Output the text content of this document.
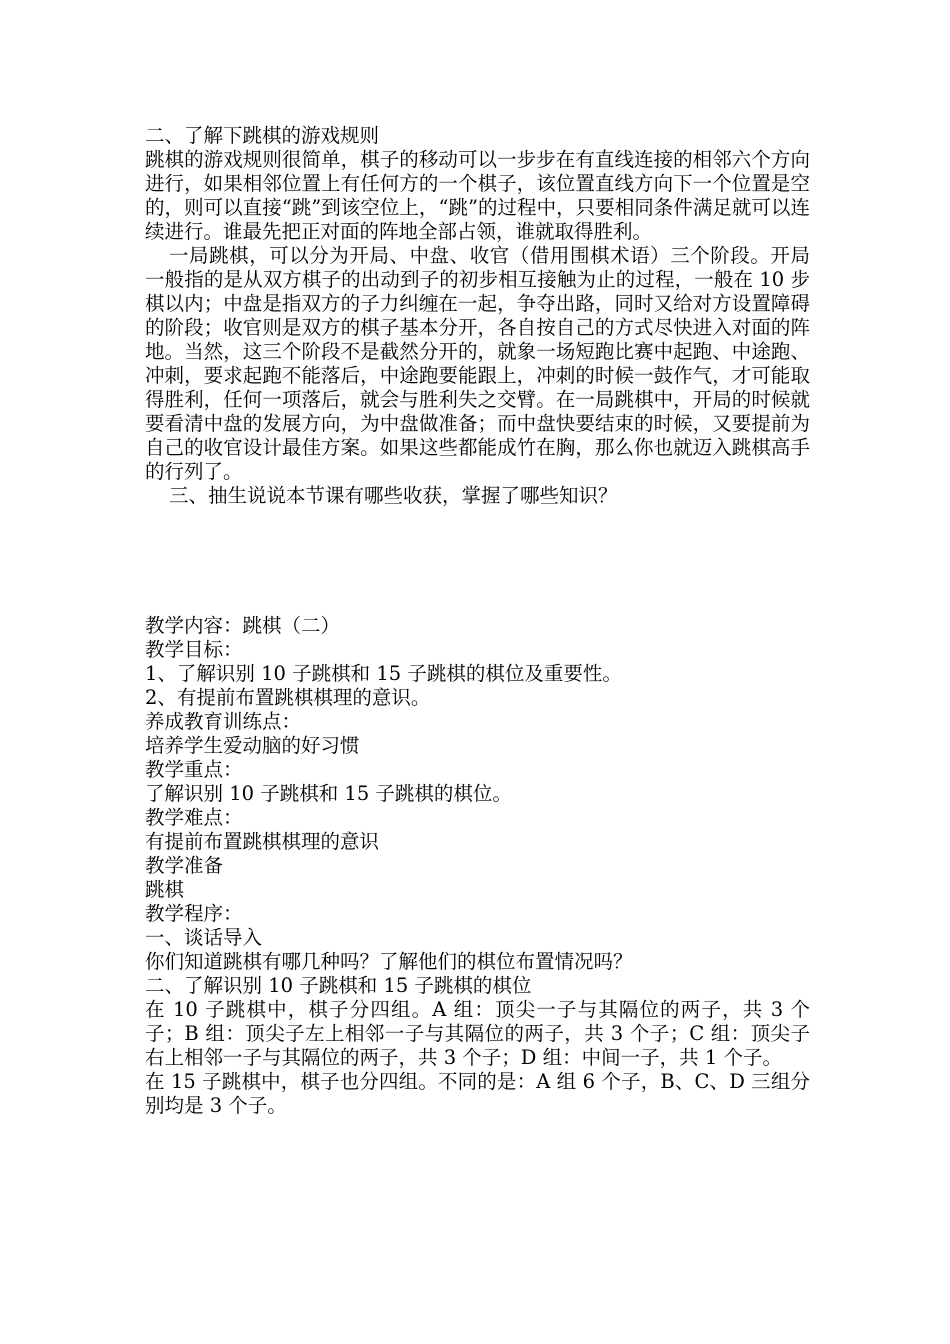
二、了解下跳棋的游戏规则

跳棋的游戏规则很简单，棋子的移动可以一步步在有直线连接的相邻六个方向进行，如果相邻位置上有任何方的一个棋子，该位置直线方向下一个位置是空的，则可以直接“跳”到该空位上，“跳”的过程中，只要相同条件满足就可以连续进行。谁最先把正对面的阵地全部占领，谁就取得胜利。

一局跳棋，可以分为开局、中盘、收官（借用围棋术语）三个阶段。开局一般指的是从双方棋子的出动到子的初步相互接触为止的过程，一般在 10 步棋以内；中盘是指双方的子力纠缠在一起，争夺出路，同时又给对方设置障碍的阶段；收官则是双方的棋子基本分开，各自按自己的方式尽快进入对面的阵地。当然，这三个阶段不是截然分开的，就象一场短跑比赛中起跑、中途跑、冲刺，要求起跑不能落后，中途跑要能跟上，冲刺的时候一鼓作气，才可能取得胜利，任何一项落后，就会与胜利失之交臂。在一局跳棋中，开局的时候就要看清中盘的发展方向，为中盘做准备；而中盘快要结束的时候，又要提前为自己的收官设计最佳方案。如果这些都能成竹在胸，那么你也就迈入跳棋高手的行列了。

三、抽生说说本节课有哪些收获，掌握了哪些知识？

教学内容：跳棋（二）

教学目标：

1、了解识别 10 子跳棋和 15 子跳棋的棋位及重要性。

2、有提前布置跳棋棋理的意识。

养成教育训练点：

培养学生爱动脑的好习惯

教学重点：

了解识别 10 子跳棋和 15 子跳棋的棋位。

教学难点：

有提前布置跳棋棋理的意识

教学准备

跳棋

教学程序：

一、谈话导入

你们知道跳棋有哪几种吗？了解他们的棋位布置情况吗？

二、了解识别 10 子跳棋和 15 子跳棋的棋位

在 10 子跳棋中，棋子分四组。A 组：顶尖一子与其隔位的两子，共 3 个子；B 组：顶尖子左上相邻一子与其隔位的两子，共 3 个子；C 组：顶尖子右上相邻一子与其隔位的两子，共 3 个子；D 组：中间一子，共 1 个子。

在 15 子跳棋中，棋子也分四组。不同的是：A 组 6 个子，B、C、D 三组分别均是 3 个子。
